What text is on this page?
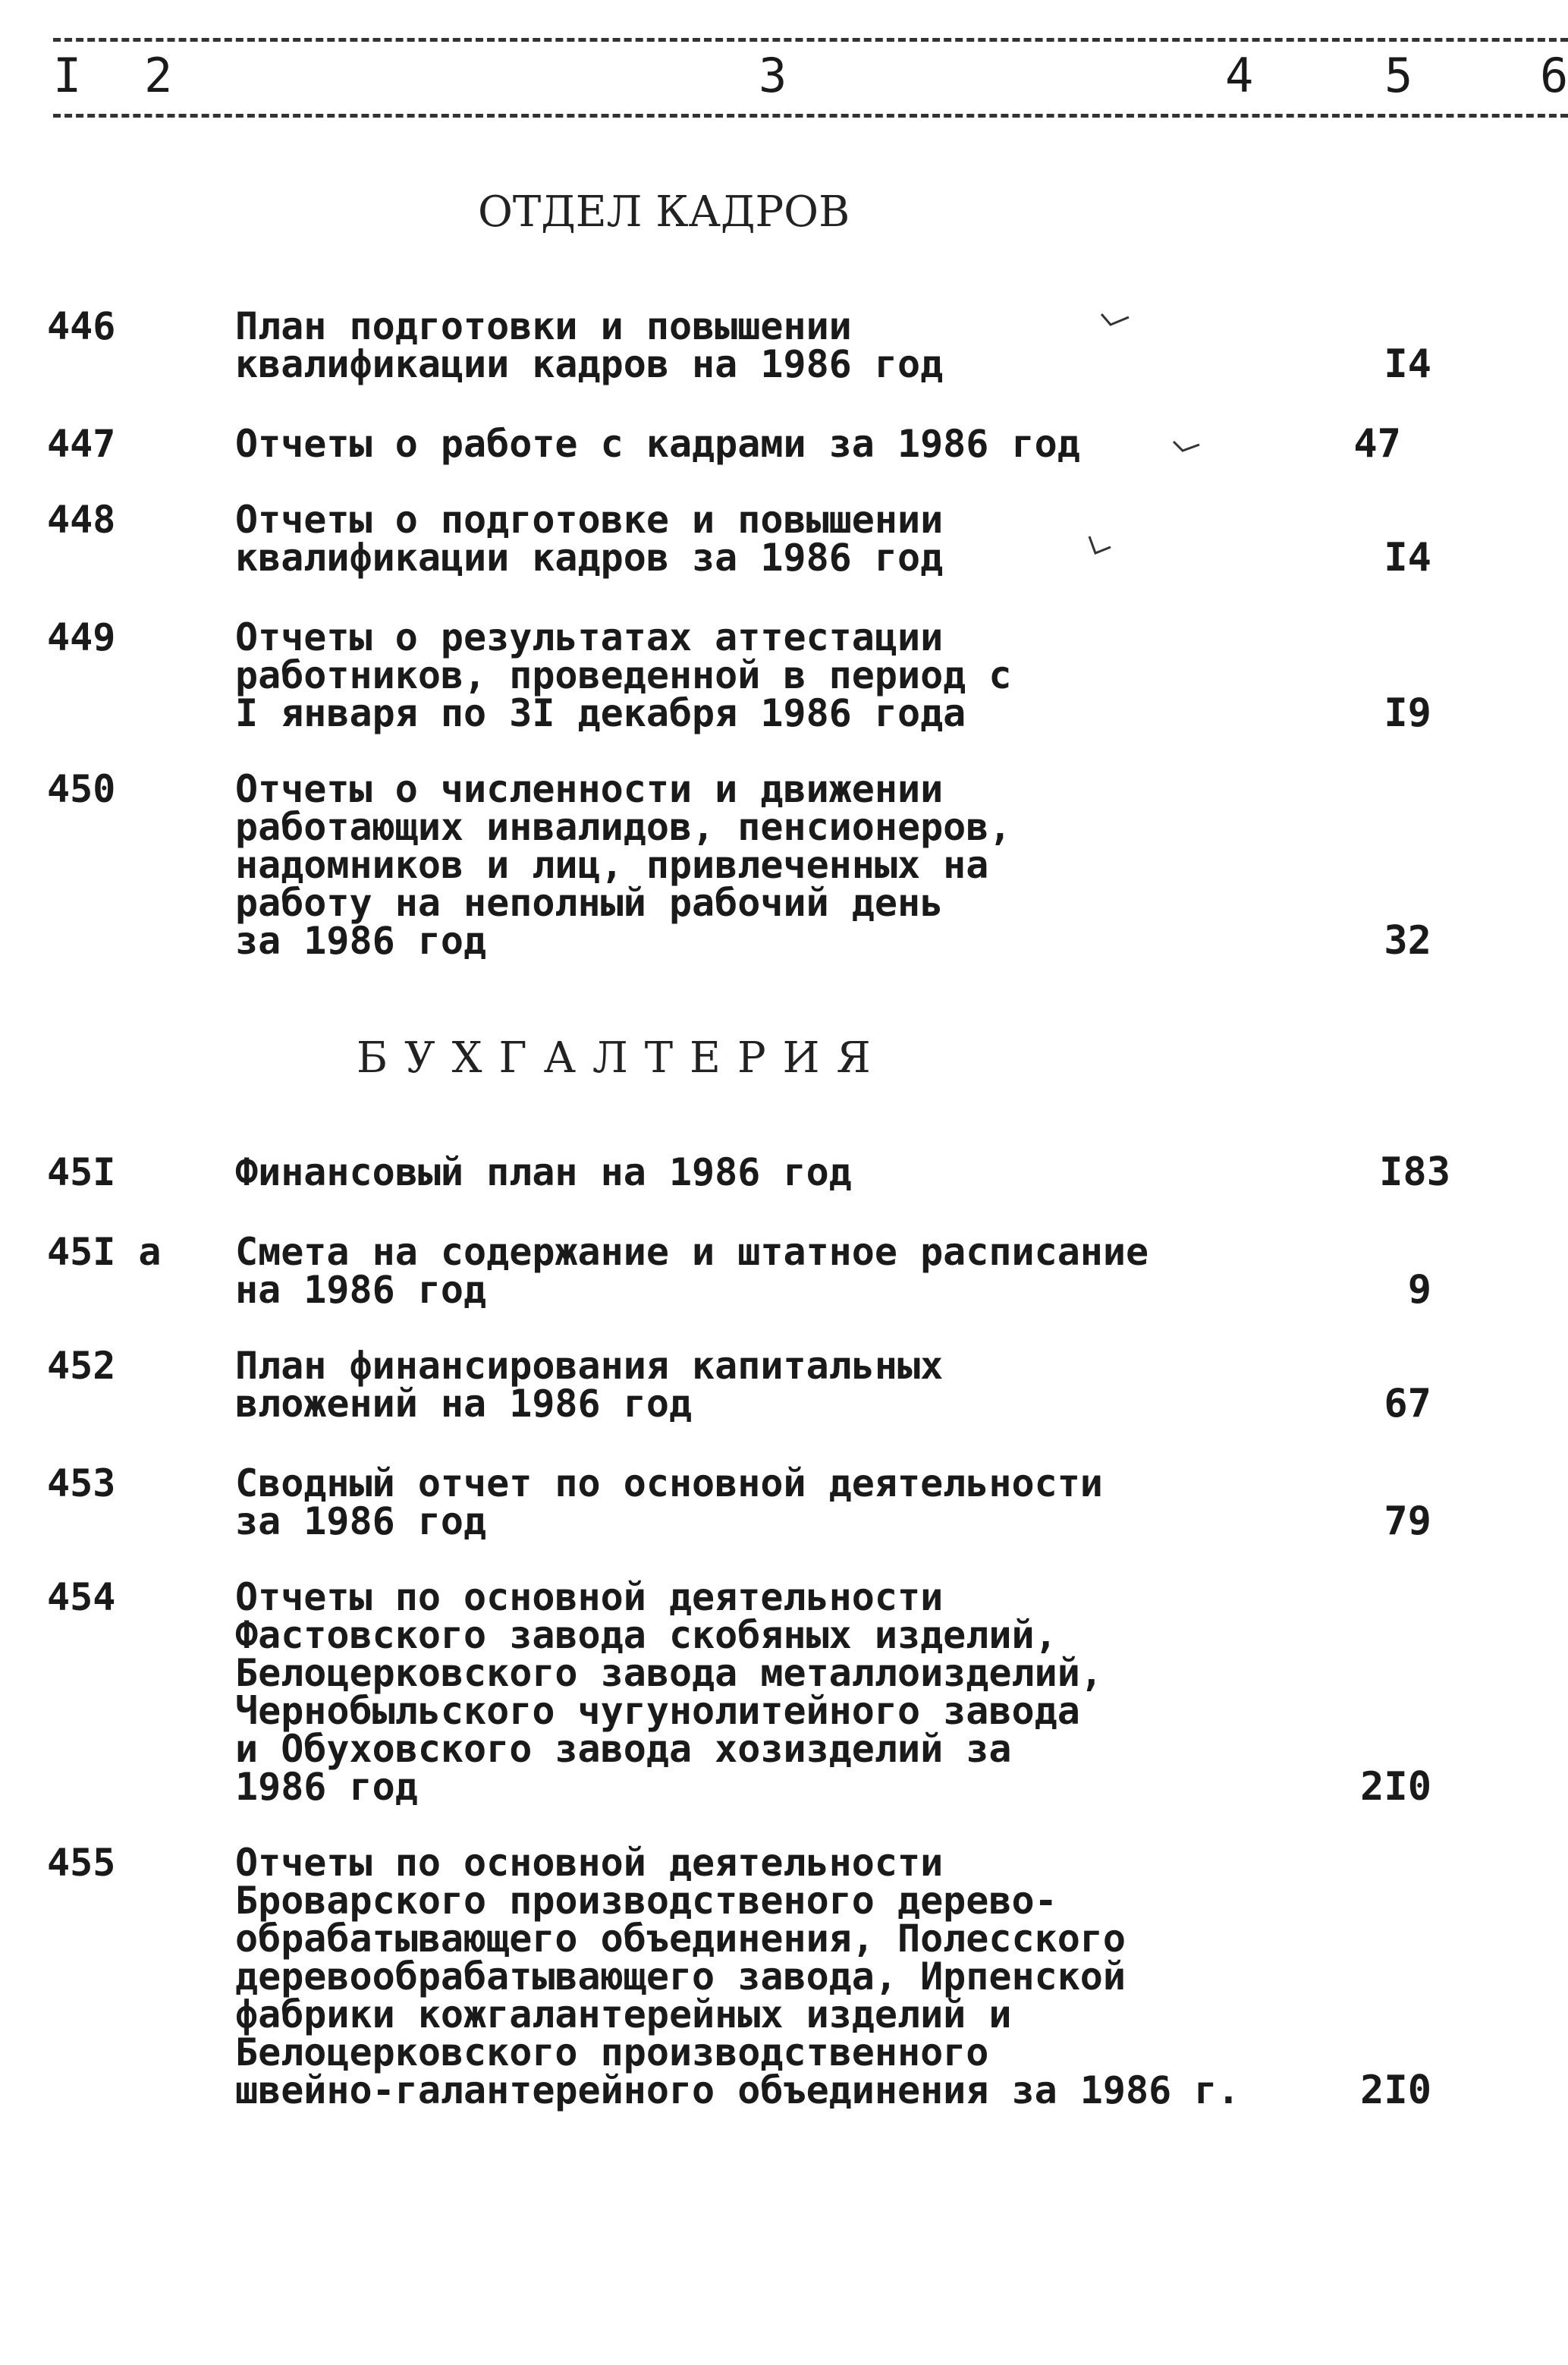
I 2	3	4	5	6
ОТДЕЛ КАДРОВ
446	План подготовки и повышении
квалификации кадров на 1986 год	I4
447	Отчеты о работе с кадрами за 1986 год	47
448	Отчеты о подготовке и повышении
квалификации кадров за 1986 год	I4
449	Отчеты о результатах аттестации
работников, проведенной в период с
I января по 3I декабря 1986 года	I9
450	Отчеты о численности и движении
работающих инвалидов, пенсионеров,
надомников и лиц, привлеченных на
работу на неполный рабочий день
за 1986 год	32
БУХГАЛТЕРИЯ
45I	Финансовый план на 1986 год	I83
45I а Смета на содержание и штатное расписание
на 1986 год	9
452	План финансирования капитальных
вложений на 1986 год	67
453	Сводный отчет по основной деятельности
за 1986 год	79
454	Отчеты по основной деятельности
Фастовского завода скобяных изделий,
Белоцерковского завода металлоизделий,
Чернобыльского чугунолитейного завода
и Обуховского завода хозизделий за
1986 год	2I0
455	Отчеты по основной деятельности
Броварского производственого дерево-
обрабатывающего объединения, Полесского
деревообрабатывающего завода, Ирпенской
фабрики кожгалантерейных изделий и
Белоцерковского производственного
швейно-галантерейного объединения за 1986 г.	2I0
